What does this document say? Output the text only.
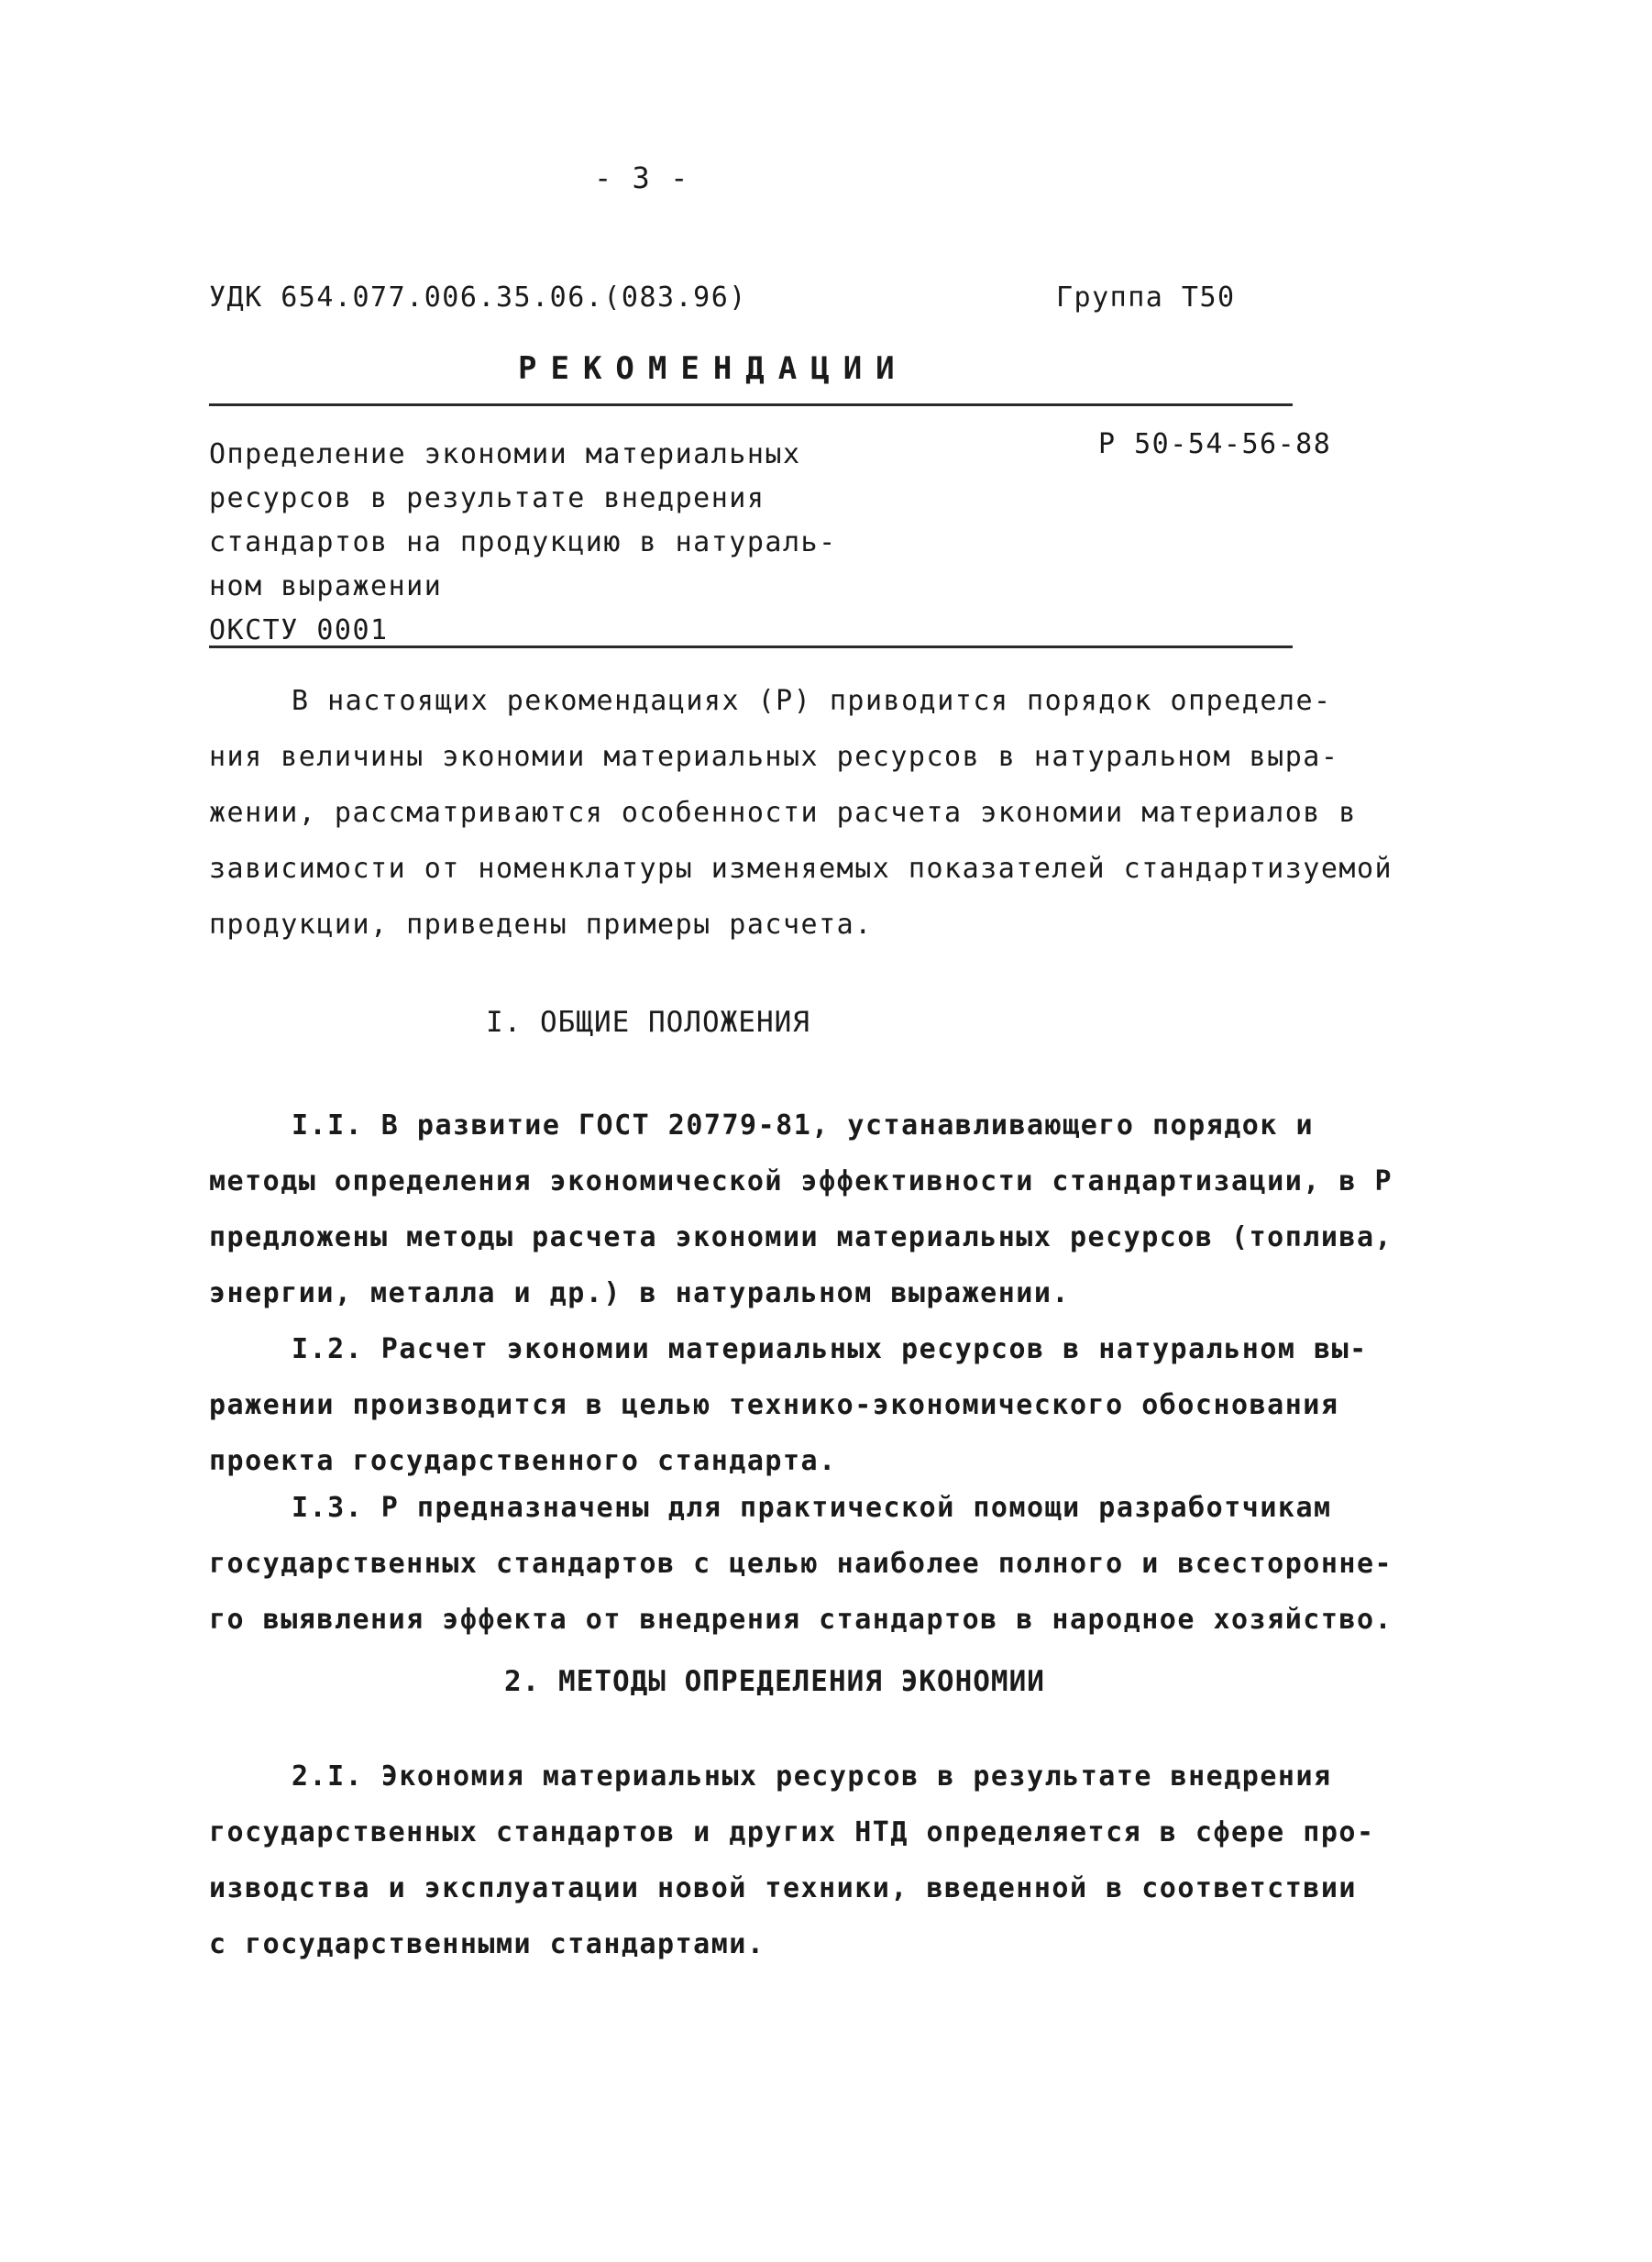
- 3 -
УДК 654.077.006.35.06.(083.96)	Группа Т50
РЕКОМЕНДАЦИИ
Определение экономии материальных
ресурсов в результате внедрения
стандартов на продукцию в натураль-
ном выражении
ОКСТУ 0001
Р 50-54-56-88
В настоящих рекомендациях (Р) приводится порядок определе-
ния величины экономии материальных ресурсов в натуральном выра-
жении, рассматриваются особенности расчета экономии материалов в
зависимости от номенклатуры изменяемых показателей стандартизуемой
продукции, приведены примеры расчета.
I. ОБЩИЕ ПОЛОЖЕНИЯ
I.I. В развитие ГОСТ 20779-81, устанавливающего порядок и
методы определения экономической эффективности стандартизации, в Р
предложены методы расчета экономии материальных ресурсов (топлива,
энергии, металла и др.) в натуральном выражении.
I.2. Расчет экономии материальных ресурсов в натуральном вы-
ражении производится в целью технико-экономического обоснования
проекта государственного стандарта.
I.3. Р предназначены для практической помощи разработчикам
государственных стандартов с целью наиболее полного и всесторонне-
го выявления эффекта от внедрения стандартов в народное хозяйство.
2. МЕТОДЫ ОПРЕДЕЛЕНИЯ ЭКОНОМИИ
2.I. Экономия материальных ресурсов в результате внедрения
государственных стандартов и других НТД определяется в сфере про-
изводства и эксплуатации новой техники, введенной в соответствии
с государственными стандартами.
